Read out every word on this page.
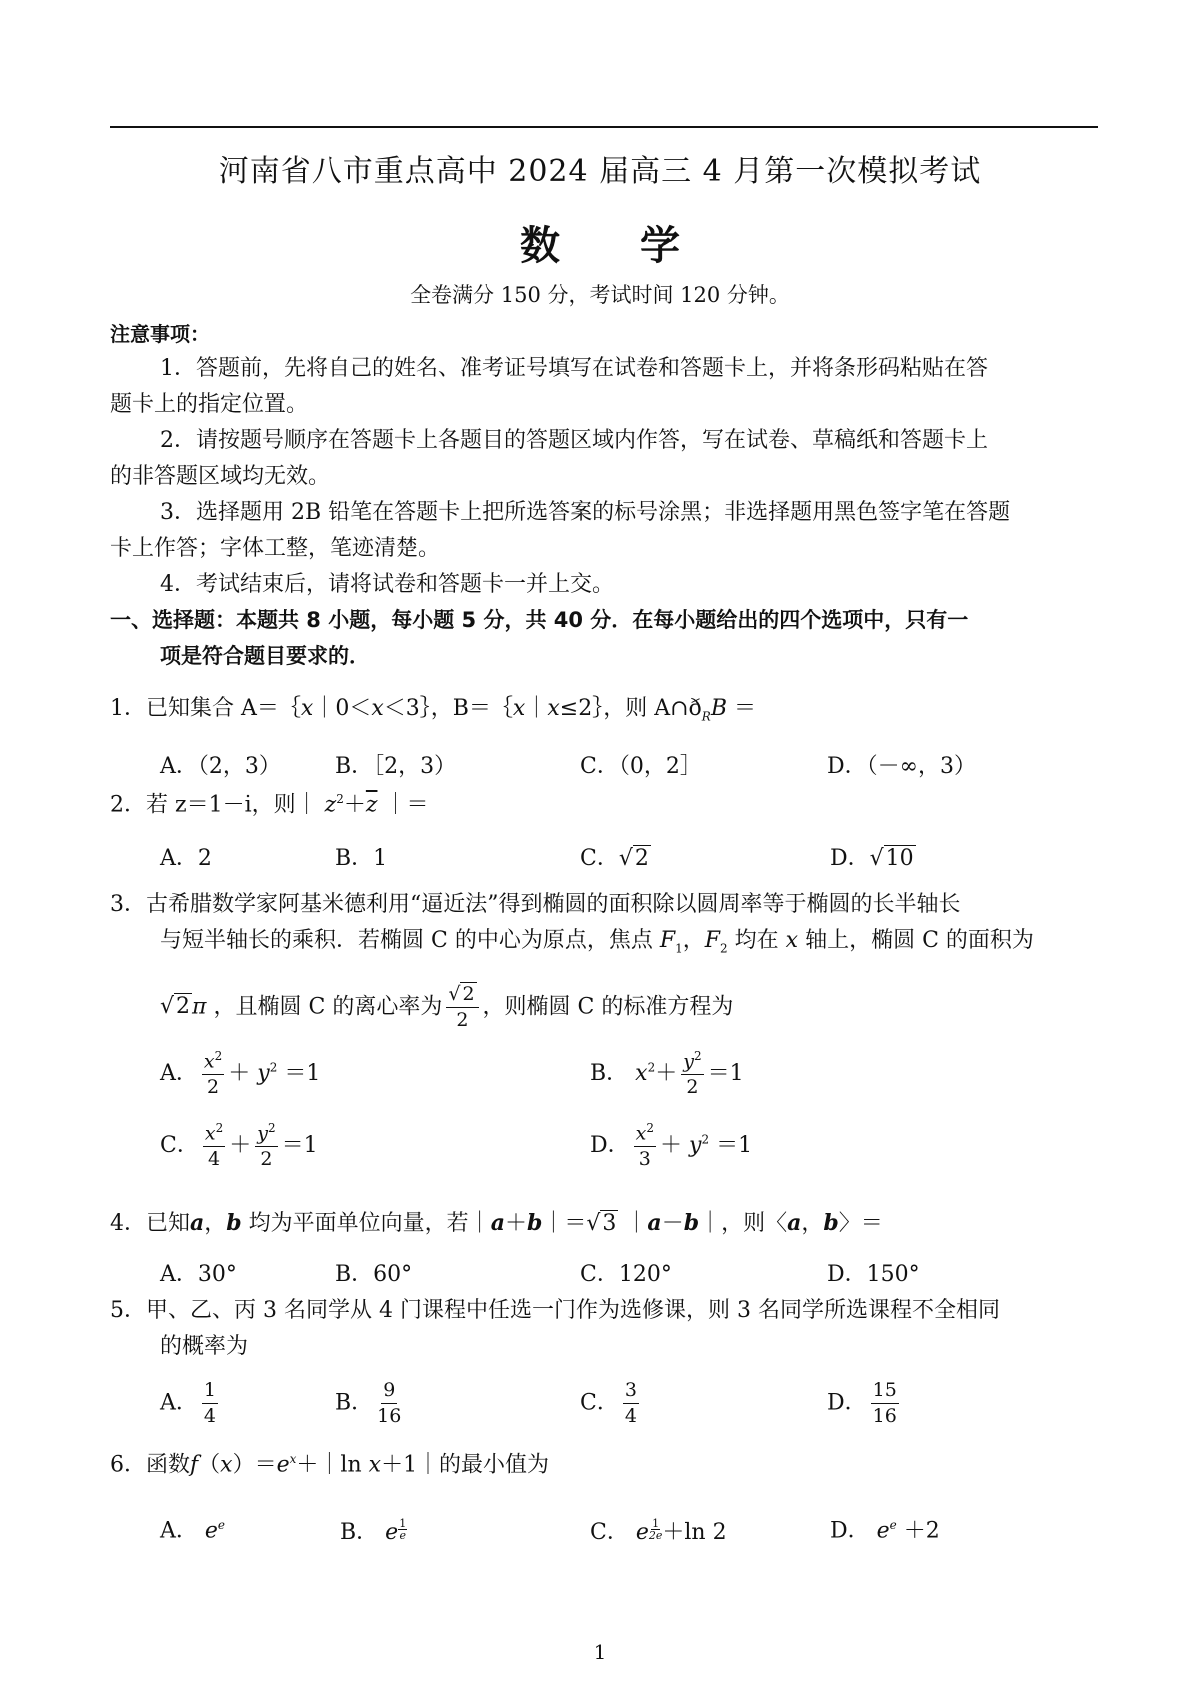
河南省八市重点高中 2024 届高三 4 月第一次模拟考试
数 学
全卷满分 150 分，考试时间 120 分钟。
注意事项：
1．答题前，先将自己的姓名、准考证号填写在试卷和答题卡上，并将条形码粘贴在答
题卡上的指定位置。
2．请按题号顺序在答题卡上各题目的答题区域内作答，写在试卷、草稿纸和答题卡上
的非答题区域均无效。
3．选择题用 2B 铅笔在答题卡上把所选答案的标号涂黑；非选择题用黑色签字笔在答题
卡上作答；字体工整，笔迹清楚。
4．考试结束后，请将试卷和答题卡一并上交。
一、选择题：本题共 8 小题，每小题 5 分，共 40 分．在每小题给出的四个选项中，只有一
项是符合题目要求的．
1．已知集合 A＝｛x｜0＜x＜3｝，B＝｛x｜x≤2｝，则 $A\cap ð_RB$ ＝
A．（2，3） B．［2，3）	C．（0，2］	D．（－∞，3）
2．若 z＝1－i，则｜ $z^2+\overline{z}$ ｜＝
A．2	B．1	C．√2	D．√10
3．古希腊数学家阿基米德利用“逼近法”得到椭圆的面积除以圆周率等于椭圆的长半轴长
与短半轴长的乘积．若椭圆 C 的中心为原点，焦点 $F_1$，$F_2$ 均在 x 轴上，椭圆 C 的面积为
√2π ，且椭圆 C 的离心率为 $\frac{√ 2}{2}$ ，则椭圆 C 的标准方程为
A． $\frac{x^2}{2} + y^2 =1$	B． $x^2+ \frac{y^2}{2} =1$
C． $\frac{x^2}{4} + \frac{y^2}{2} =1$	D． $\frac{x^2}{3} + y^2 =1$
4．已知a，b 均为平面单位向量，若｜a＋b｜＝√3 ｜a－b｜，则〈a，b〉＝
A．30°	B．60°	C．120°	D．150°
5．甲、乙、丙 3 名同学从 4 门课程中任选一门作为选修课，则 3 名同学所选课程不全相同
的概率为
A． $\frac{1}{4}$	B． $\frac{9}{16}$	C． $\frac{3}{4}$	D． $\frac{15}{16}$
6．函数$f(x)=e^x+|\ln$ x＋1｜的最小值为
A． $e^e$	B． e $^{\frac{1}{e}}$	C． e $^{\frac{1}{2e}}$ ＋ln 2	D． $e^e +2$
1
